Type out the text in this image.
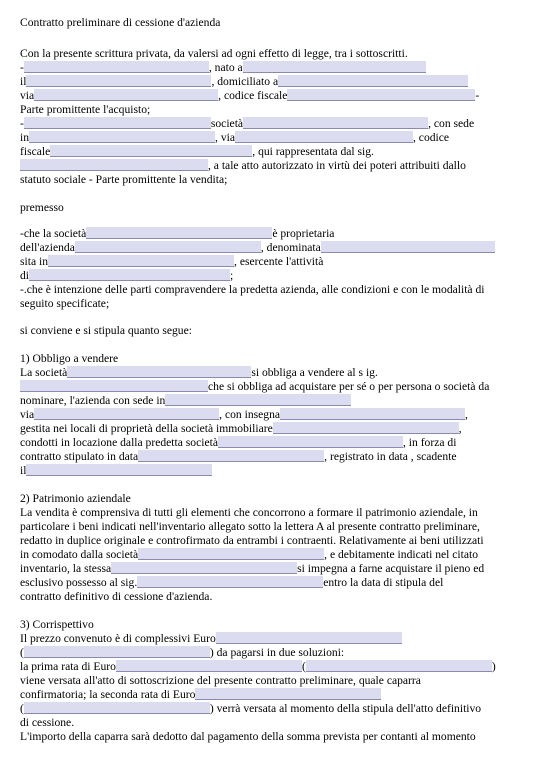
Contratto preliminare di cessione d'azienda
Con la presente scrittura privata, da valersi ad ogni effetto di legge, tra i sottoscritti.
-	, nato a
il	, domiciliato a
via	, codice fiscale	-
Parte promittente l'acquisto;
-	società	, con sede
in	, via	, codice
fiscale	, qui rappresentata dal sig.
, a tale atto autorizzato in virtù dei poteri attribuiti dallo
statuto sociale - Parte promittente la vendita;
premesso
-che la società	è proprietaria
dell'azienda	, denominata
sita in	, esercente l'attività
di	;
-.che è intenzione delle parti compravendere la predetta azienda, alle condizioni e con le modalità di
seguito specificate;
si conviene e si stipula quanto segue:
1) Obbligo a vendere
La società	si obbliga a vendere al s ig.
che si obbliga ad acquistare per sé o per persona o società da
nominare, l'azienda con sede in
via	, con insegna	,
gestita nei locali di proprietà della società immobiliare	,
condotti in locazione dalla predetta società	, in forza di
contratto stipulato in data	, registrato in data , scadente
il
2) Patrimonio aziendale
La vendita è comprensiva di tutti gli elementi che concorrono a formare il patrimonio aziendale, in
particolare i beni indicati nell'inventario allegato sotto la lettera A al presente contratto preliminare,
redatto in duplice originale e controfirmato da entrambi i contraenti. Relativamente ai beni utilizzati
in comodato dalla società	, e debitamente indicati nel citato
inventario, la stessa	si impegna a farne acquistare il pieno ed
esclusivo possesso al sig.	entro la data di stipula del
contratto definitivo di cessione d'azienda.
3) Corrispettivo
Il prezzo convenuto è di complessivi Euro
(	) da pagarsi in due soluzioni:
la prima rata di Euro	(	)
viene versata all'atto di sottoscrizione del presente contratto preliminare, quale caparra
confirmatoria; la seconda rata di Euro
(	) verrà versata al momento della stipula dell'atto definitivo
di cessione.
L'importo della caparra sarà dedotto dal pagamento della somma prevista per contanti al momento
